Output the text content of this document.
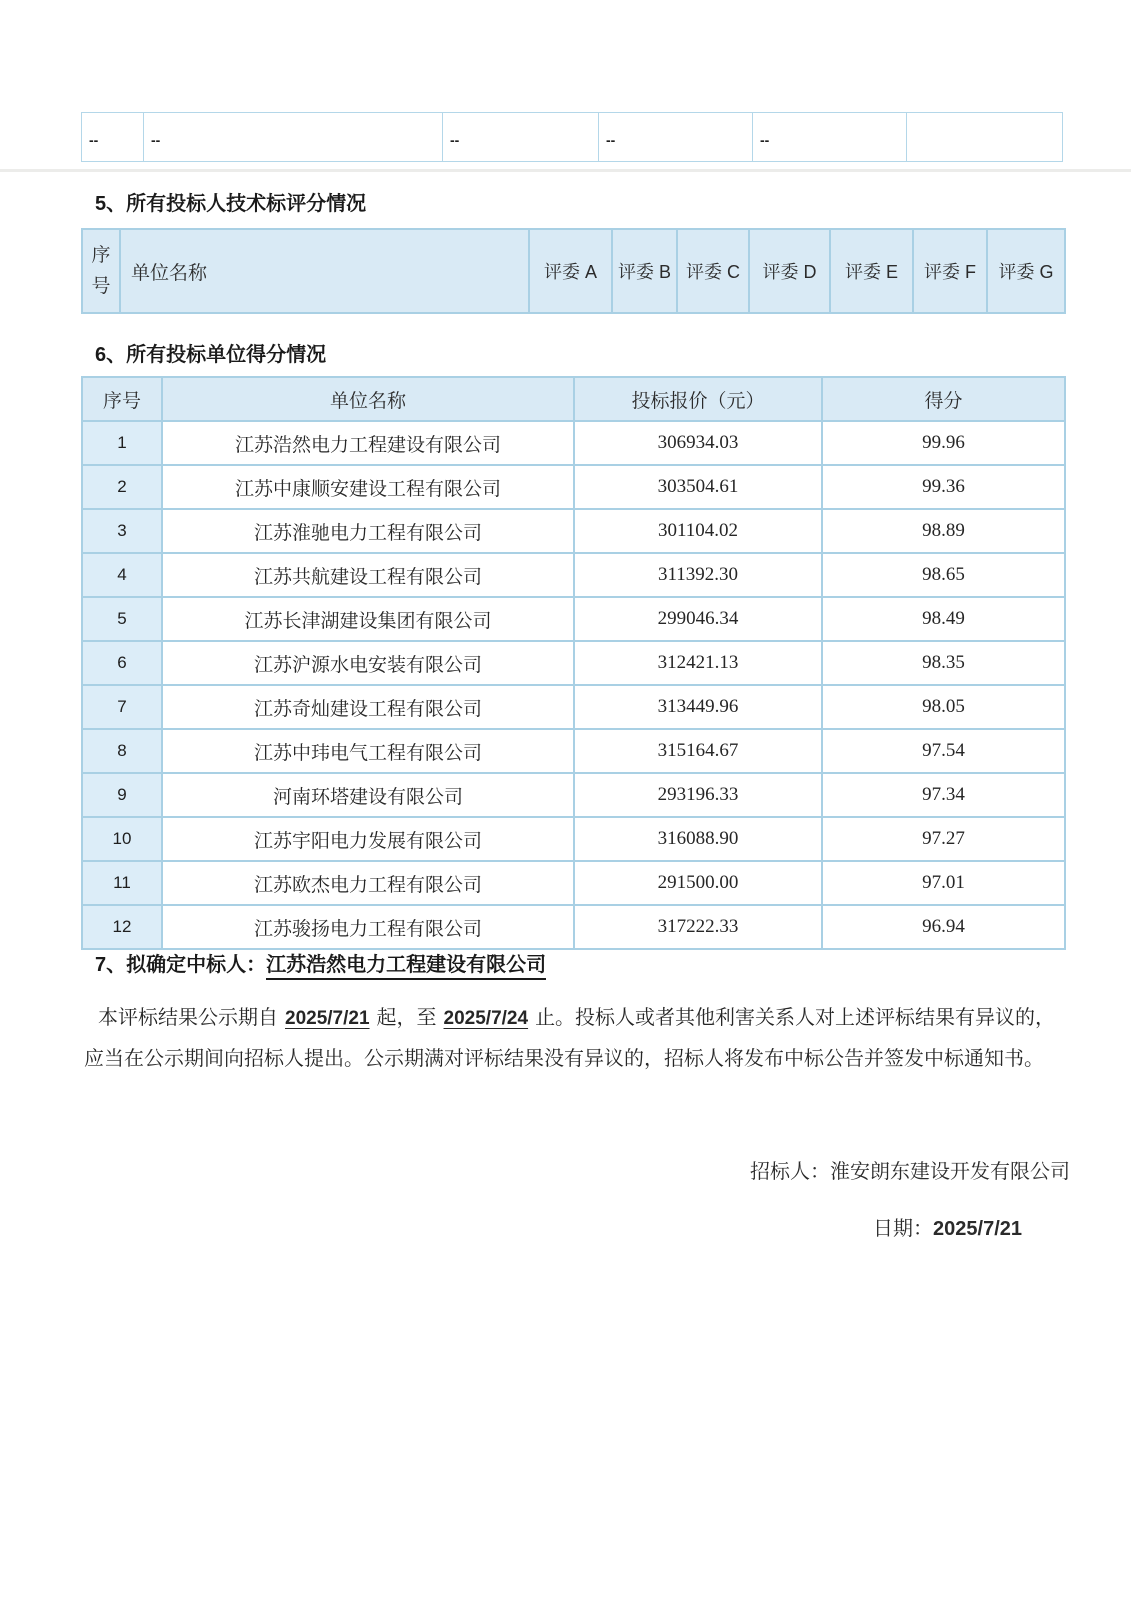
--	--	--	--	--	
5、所有投标人技术标评分情况
序号	单位名称	评委 A	评委 B	评委 C	评委 D	评委 E	评委 F	评委 G
6、所有投标单位得分情况
序号	单位名称	投标报价（元）	得分
1	江苏浩然电力工程建设有限公司	306934.03	99.96
2	江苏中康顺安建设工程有限公司	303504.61	99.36
3	江苏淮驰电力工程有限公司	301104.02	98.89
4	江苏共航建设工程有限公司	311392.30	98.65
5	江苏长津湖建设集团有限公司	299046.34	98.49
6	江苏沪源水电安装有限公司	312421.13	98.35
7	江苏奇灿建设工程有限公司	313449.96	98.05
8	江苏中玮电气工程有限公司	315164.67	97.54
9	河南环塔建设有限公司	293196.33	97.34
10	江苏宇阳电力发展有限公司	316088.90	97.27
11	江苏欧杰电力工程有限公司	291500.00	97.01
12	江苏骏扬电力工程有限公司	317222.33	96.94
7、拟确定中标人：江苏浩然电力工程建设有限公司
本评标结果公示期自 2025/7/21 起，至 2025/7/24 止。投标人或者其他利害关系人对上述评标结果有异议的，
应当在公示期间向招标人提出。公示期满对评标结果没有异议的，招标人将发布中标公告并签发中标通知书。
招标人：淮安朗东建设开发有限公司
日期：2025/7/21
